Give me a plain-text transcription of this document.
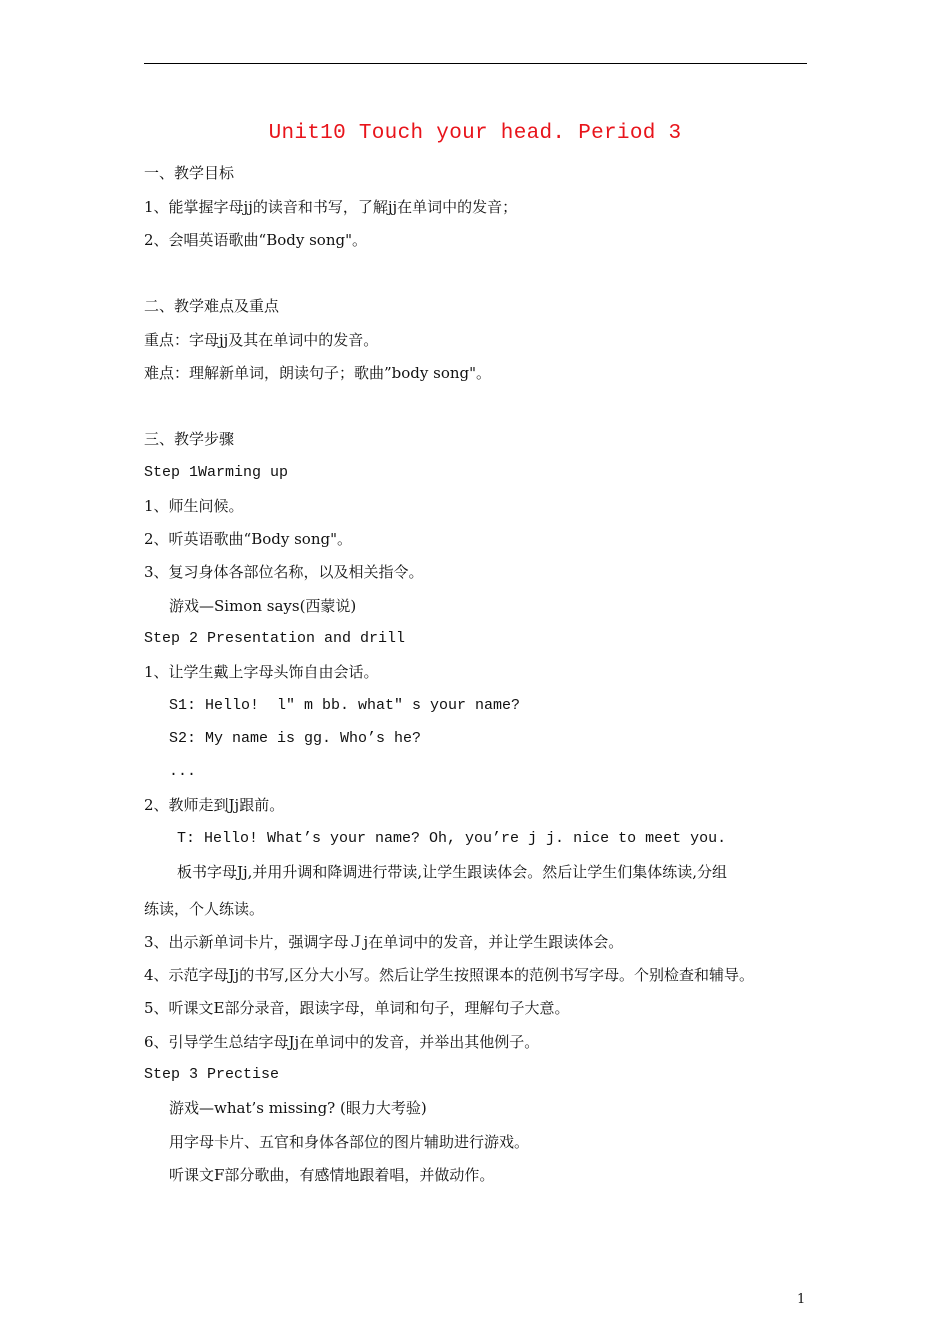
Unit10 Touch your head. Period 3
一、教学目标
1、能掌握字母jj的读音和书写，了解jj在单词中的发音；
2、会唱英语歌曲“Body song"。
二、教学难点及重点
重点：字母jj及其在单词中的发音。
难点：理解新单词，朗读句子；歌曲”body song"。
三、教学步骤
Step 1Warming up
1、师生问候。
2、听英语歌曲“Body song"。
3、复习身体各部位名称，以及相关指令。
游戏—Simon says(西蒙说)
Step 2 Presentation and drill
1、让学生戴上字母头饰自由会话。
S1: Hello!  l" m bb. what" s your name?
S2: My name is gg. Who’s he?
...
2、教师走到Jj跟前。
T: Hello! What’s your name? Oh, you’re j j. nice to meet you.
板书字母Jj,并用升调和降调进行带读,让学生跟读体会。然后让学生们集体练读,分组
练读，个人练读。
3、出示新单词卡片，强调字母Ｊj在单词中的发音，并让学生跟读体会。
4、示范字母Jj的书写,区分大小写。然后让学生按照课本的范例书写字母。个别检查和辅导。
5、听课文E部分录音，跟读字母，单词和句子，理解句子大意。
6、引导学生总结字母Jj在单词中的发音，并举出其他例子。
Step 3 Prectise
游戏—what’s missing? (眼力大考验)
用字母卡片、五官和身体各部位的图片辅助进行游戏。
听课文F部分歌曲，有感情地跟着唱，并做动作。
1
